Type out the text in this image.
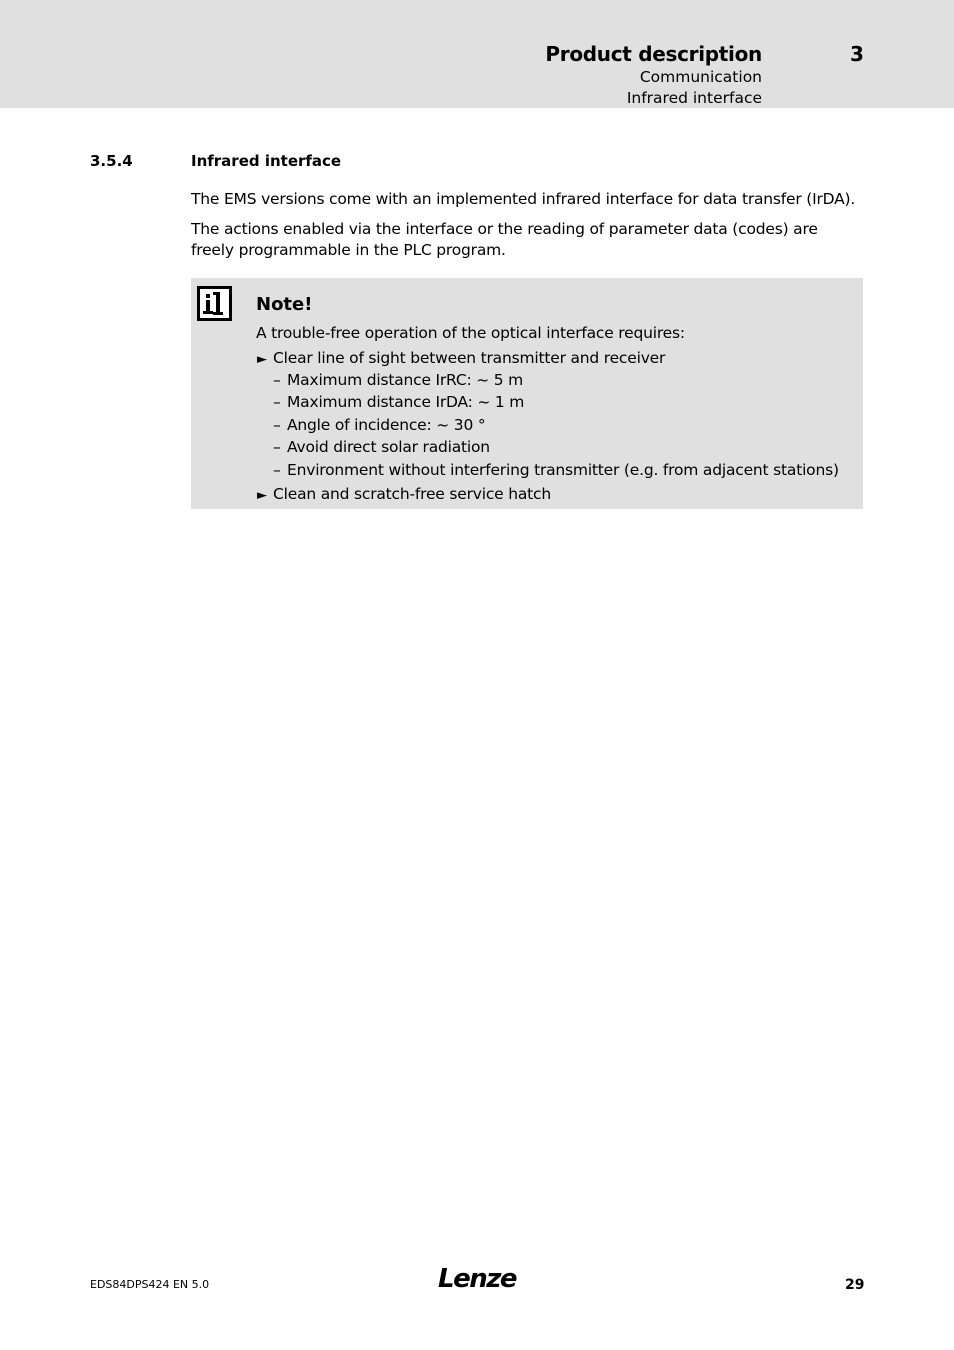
Product description	3
Communication
Infrared interface
3.5.4	Infrared interface
The EMS versions come with an implemented infrared interface for data transfer (IrDA).
The actions enabled via the interface or the reading of parameter data (codes) are freely programmable in the PLC program.
Note!
A trouble-free operation of the optical interface requires:
► Clear line of sight between transmitter and receiver
– Maximum distance IrRC: ~ 5 m
– Maximum distance IrDA: ~ 1 m
– Angle of incidence: ~ 30 °
– Avoid direct solar radiation
– Environment without interfering transmitter (e.g. from adjacent stations)
► Clean and scratch-free service hatch
EDS84DPS424 EN 5.0	Lenze	29
